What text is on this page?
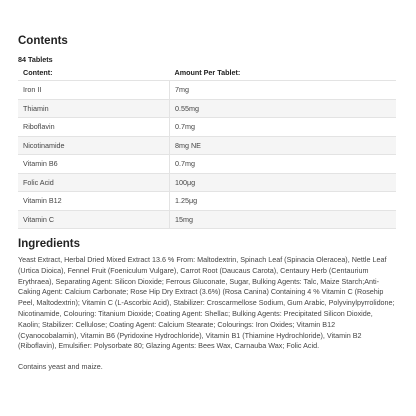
Contents
84 Tablets
Content:	Amount Per Tablet:
Iron II	7mg
Thiamin	0.55mg
Riboflavin	0.7mg
Nicotinamide	8mg NE
Vitamin B6	0.7mg
Folic Acid	100μg
Vitamin B12	1.25μg
Vitamin C	15mg
Ingredients

Yeast Extract, Herbal Dried Mixed Extract 13.6 % From: Maltodextrin, Spinach Leaf (Spinacia Oleracea), Nettle Leaf (Urtica Dioica), Fennel Fruit (Foeniculum Vulgare), Carrot Root (Daucaus Carota), Centaury Herb (Centaurium Erythraea), Separating Agent: Silicon Dioxide; Ferrous Gluconate, Sugar, Bulking Agents: Talc, Maize Starch;Anti-Caking Agent: Calcium Carbonate; Rose Hip Dry Extract (3.6%) (Rosa Canina) Containing 4 % Vitamin C (Rosehip Peel, Maltodextrin); Vitamin C (L-Ascorbic Acid), Stabilizer: Croscarmellose Sodium, Gum Arabic, Polyvinylpyrrolidone; Nicotinamide, Colouring: Titanium Dioxide; Coating Agent: Shellac; Bulking Agents: Precipitated Silicon Dioxide, Kaolin; Stabilizer: Cellulose; Coating Agent: Calcium Stearate; Colourings: Iron Oxides; Vitamin B12 (Cyanocobalamin), Vitamin B6 (Pyridoxine Hydrochloride), Vitamin B1 (Thiamine Hydrochloride), Vitamin B2 (Riboflavin), Emulsifier: Polysorbate 80; Glazing Agents: Bees Wax, Carnauba Wax; Folic Acid.

Contains yeast and maize.
